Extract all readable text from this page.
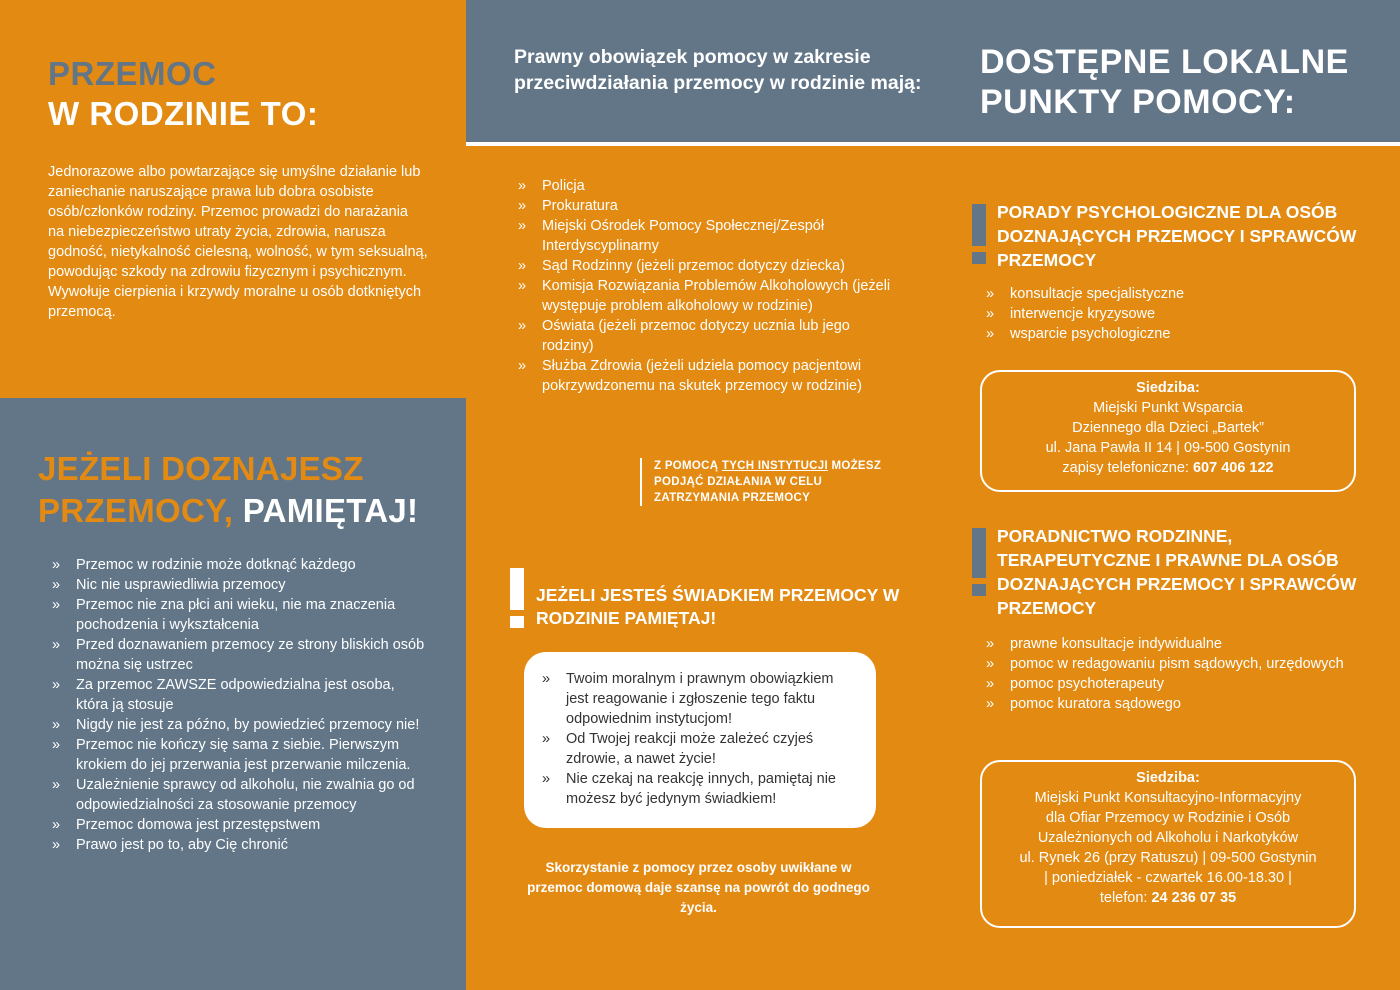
PRZEMOC
W RODZINIE TO:

Jednorazowe albo powtarzające się umyślne działanie lub zaniechanie naruszające prawa lub dobra osobiste osób/członków rodziny. Przemoc prowadzi do narażania na niebezpieczeństwo utraty życia, zdrowia, narusza godność, nietykalność cielesną, wolność, w tym seksualną, powodując szkody na zdrowiu fizycznym i psychicznym. Wywołuje cierpienia i krzywdy moralne u osób dotkniętych przemocą.

JEŻELI DOZNAJESZ PRZEMOCY, PAMIĘTAJ!
» Przemoc w rodzinie może dotknąć każdego
» Nic nie usprawiedliwia przemocy
» Przemoc nie zna płci ani wieku, nie ma znaczenia pochodzenia i wykształcenia
» Przed doznawaniem przemocy ze strony bliskich osób można się ustrzec
» Za przemoc ZAWSZE odpowiedzialna jest osoba, która ją stosuje
» Nigdy nie jest za późno, by powiedzieć przemocy nie!
» Przemoc nie kończy się sama z siebie. Pierwszym krokiem do jej przerwania jest przerwanie milczenia.
» Uzależnienie sprawcy od alkoholu, nie zwalnia go od odpowiedzialności za stosowanie przemocy
» Przemoc domowa jest przestępstwem
» Prawo jest po to, aby Cię chronić
Prawny obowiązek pomocy w zakresie przeciwdziałania przemocy w rodzinie mają:
» Policja
» Prokuratura
» Miejski Ośrodek Pomocy Społecznej/Zespół Interdyscyplinarny
» Sąd Rodzinny (jeżeli przemoc dotyczy dziecka)
» Komisja Rozwiązania Problemów Alkoholowych (jeżeli występuje problem alkoholowy w rodzinie)
» Oświata (jeżeli przemoc dotyczy ucznia lub jego rodziny)
» Służba Zdrowia (jeżeli udziela pomocy pacjentowi pokrzywdzonemu na skutek przemocy w rodzinie)
Z POMOCĄ TYCH INSTYTUCJI MOŻESZ PODJĄĆ DZIAŁANIA W CELU ZATRZYMANIA PRZEMOCY
JEŻELI JESTEŚ ŚWIADKIEM PRZEMOCY W RODZINIE PAMIĘTAJ!
» Twoim moralnym i prawnym obowiązkiem jest reagowanie i zgłoszenie tego faktu odpowiednim instytucjom!
» Od Twojej reakcji może zależeć czyjeś zdrowie, a nawet życie!
» Nie czekaj na reakcję innych, pamiętaj nie możesz być jedynym świadkiem!
Skorzystanie z pomocy przez osoby uwikłane w przemoc domową daje szansę na powrót do godnego życia.
DOSTĘPNE LOKALNE PUNKTY POMOCY:
PORADY PSYCHOLOGICZNE DLA OSÓB DOZNAJĄCYCH PRZEMOCY I SPRAWCÓW PRZEMOCY
» konsultacje specjalistyczne
» interwencje kryzysowe
» wsparcie psychologiczne
Siedziba:
Miejski Punkt Wsparcia
Dziennego dla Dzieci „Bartek”
ul. Jana Pawła II 14 | 09-500 Gostynin
zapisy telefoniczne: 607 406 122
PORADNICTWO RODZINNE, TERAPEUTYCZNE I PRAWNE DLA OSÓB DOZNAJĄCYCH PRZEMOCY I SPRAWCÓW PRZEMOCY
» prawne konsultacje indywidualne
» pomoc w redagowaniu pism sądowych, urzędowych
» pomoc psychoterapeuty
» pomoc kuratora sądowego
Siedziba:
Miejski Punkt Konsultacyjno-Informacyjny
dla Ofiar Przemocy w Rodzinie i Osób
Uzależnionych od Alkoholu i Narkotyków
ul. Rynek 26 (przy Ratuszu) | 09-500 Gostynin
| poniedziałek - czwartek 16.00-18.30 |
telefon: 24 236 07 35
